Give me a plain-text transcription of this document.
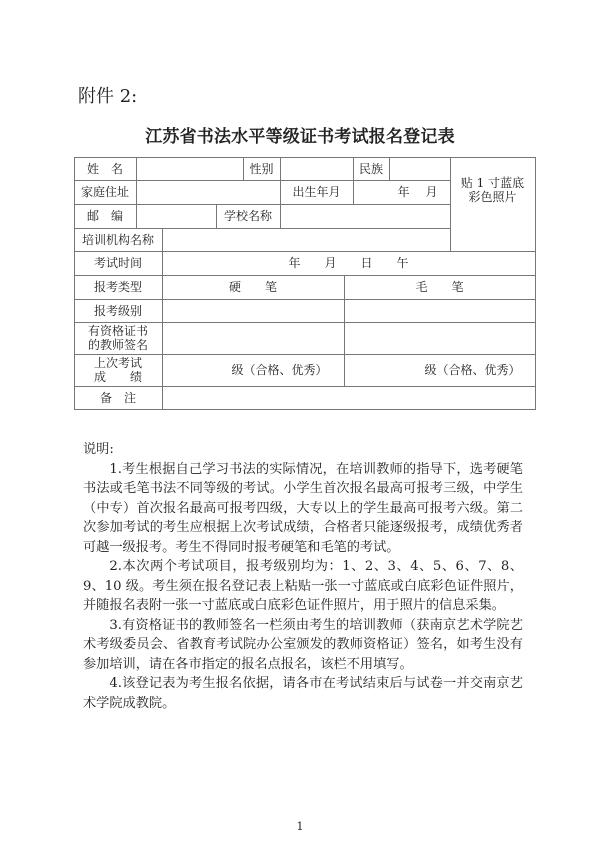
附件 2:
江苏省书法水平等级证书考试报名登记表
姓　名	性别	民族
贴 1 寸蓝底彩色照片
家庭住址	出生年月	年　 月
邮　编	学校名称
培训机构名称
考试时间	年　　月　　日　　午
报考类型	硬　　笔	毛　　笔
报考级别
有资格证书的教师签名
上次考试
成　　绩	级（合格、优秀）	级（合格、优秀）
备　注

说明:

1.考生根据自己学习书法的实际情况，在培训教师的指导下，选考硬笔书法或毛笔书法不同等级的考试。小学生首次报名最高可报考三级，中学生（中专）首次报名最高可报考四级，大专以上的学生最高可报考六级。第二次参加考试的考生应根据上次考试成绩，合格者只能逐级报考，成绩优秀者可越一级报考。考生不得同时报考硬笔和毛笔的考试。

2.本次两个考试项目，报考级别均为：1、2、3、4、5、6、7、8、9、10 级。考生须在报名登记表上粘贴一张一寸蓝底或白底彩色证件照片，并随报名表附一张一寸蓝底或白底彩色证件照片，用于照片的信息采集。

3.有资格证书的教师签名一栏须由考生的培训教师（获南京艺术学院艺术考级委员会、省教育考试院办公室颁发的教师资格证）签名，如考生没有参加培训，请在各市指定的报名点报名，该栏不用填写。

4.该登记表为考生报名依据，请各市在考试结束后与试卷一并交南京艺术学院成教院。

1
